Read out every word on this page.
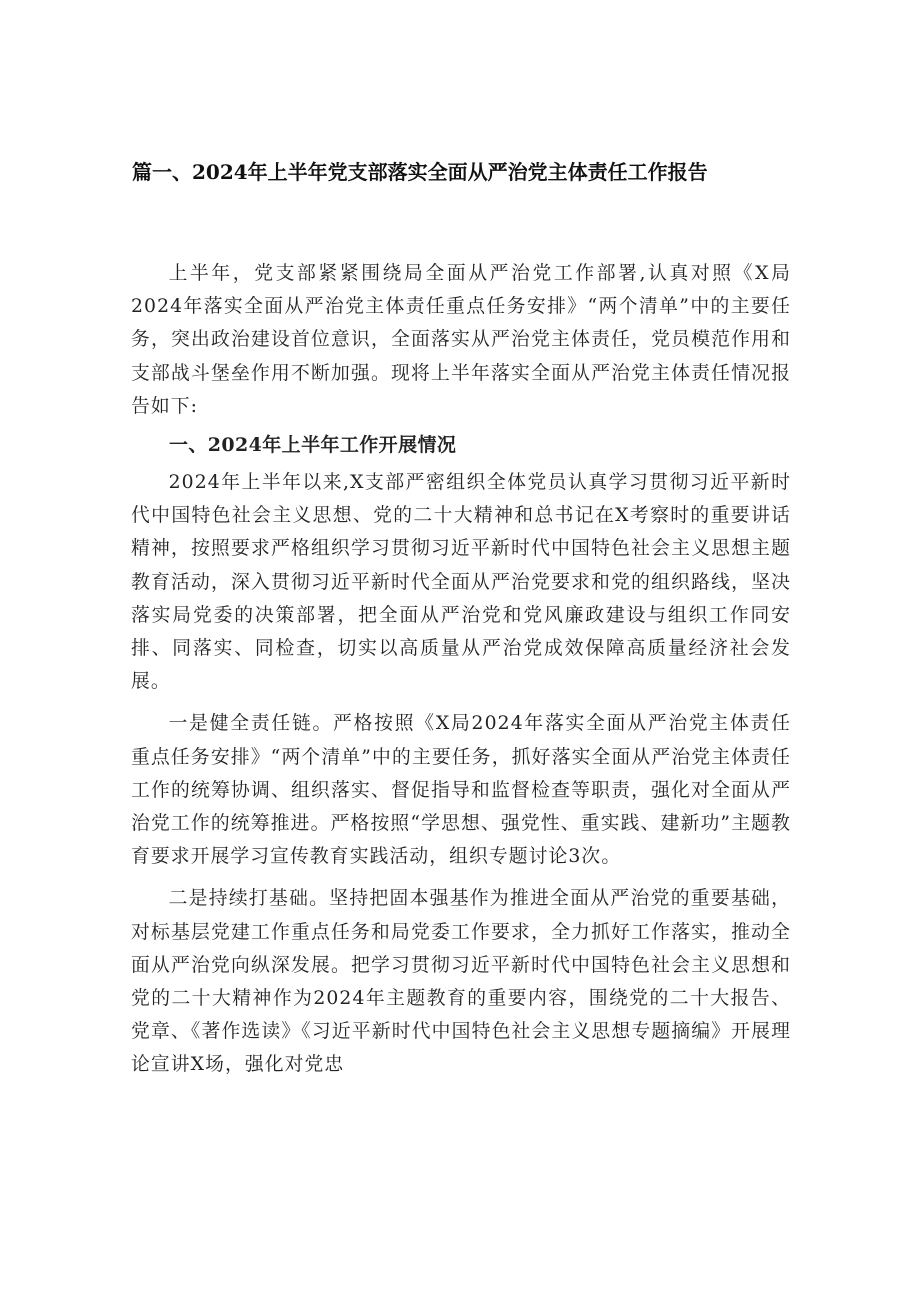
篇一、2024年上半年党支部落实全面从严治党主体责任工作报告

上半年，党支部紧紧围绕局全面从严治党工作部署,认真对照《X局2024年落实全面从严治党主体责任重点任务安排》“两个清单”中的主要任务，突出政治建设首位意识，全面落实从严治党主体责任，党员模范作用和支部战斗堡垒作用不断加强。现将上半年落实全面从严治党主体责任情况报告如下:

一、2024年上半年工作开展情况

2024年上半年以来,X支部严密组织全体党员认真学习贯彻习近平新时代中国特色社会主义思想、党的二十大精神和总书记在X考察时的重要讲话精神，按照要求严格组织学习贯彻习近平新时代中国特色社会主义思想主题教育活动，深入贯彻习近平新时代全面从严治党要求和党的组织路线，坚决落实局党委的决策部署，把全面从严治党和党风廉政建设与组织工作同安排、同落实、同检查，切实以高质量从严治党成效保障高质量经济社会发展。

一是健全责任链。严格按照《X局2024年落实全面从严治党主体责任重点任务安排》“两个清单”中的主要任务，抓好落实全面从严治党主体责任工作的统筹协调、组织落实、督促指导和监督检查等职责，强化对全面从严治党工作的统筹推进。严格按照“学思想、强党性、重实践、建新功”主题教育要求开展学习宣传教育实践活动，组织专题讨论3次。

二是持续打基础。坚持把固本强基作为推进全面从严治党的重要基础，对标基层党建工作重点任务和局党委工作要求，全力抓好工作落实，推动全面从严治党向纵深发展。把学习贯彻习近平新时代中国特色社会主义思想和党的二十大精神作为2024年主题教育的重要内容，围绕党的二十大报告、党章、《著作选读》《习近平新时代中国特色社会主义思想专题摘编》开展理论宣讲X场，强化对党忠
